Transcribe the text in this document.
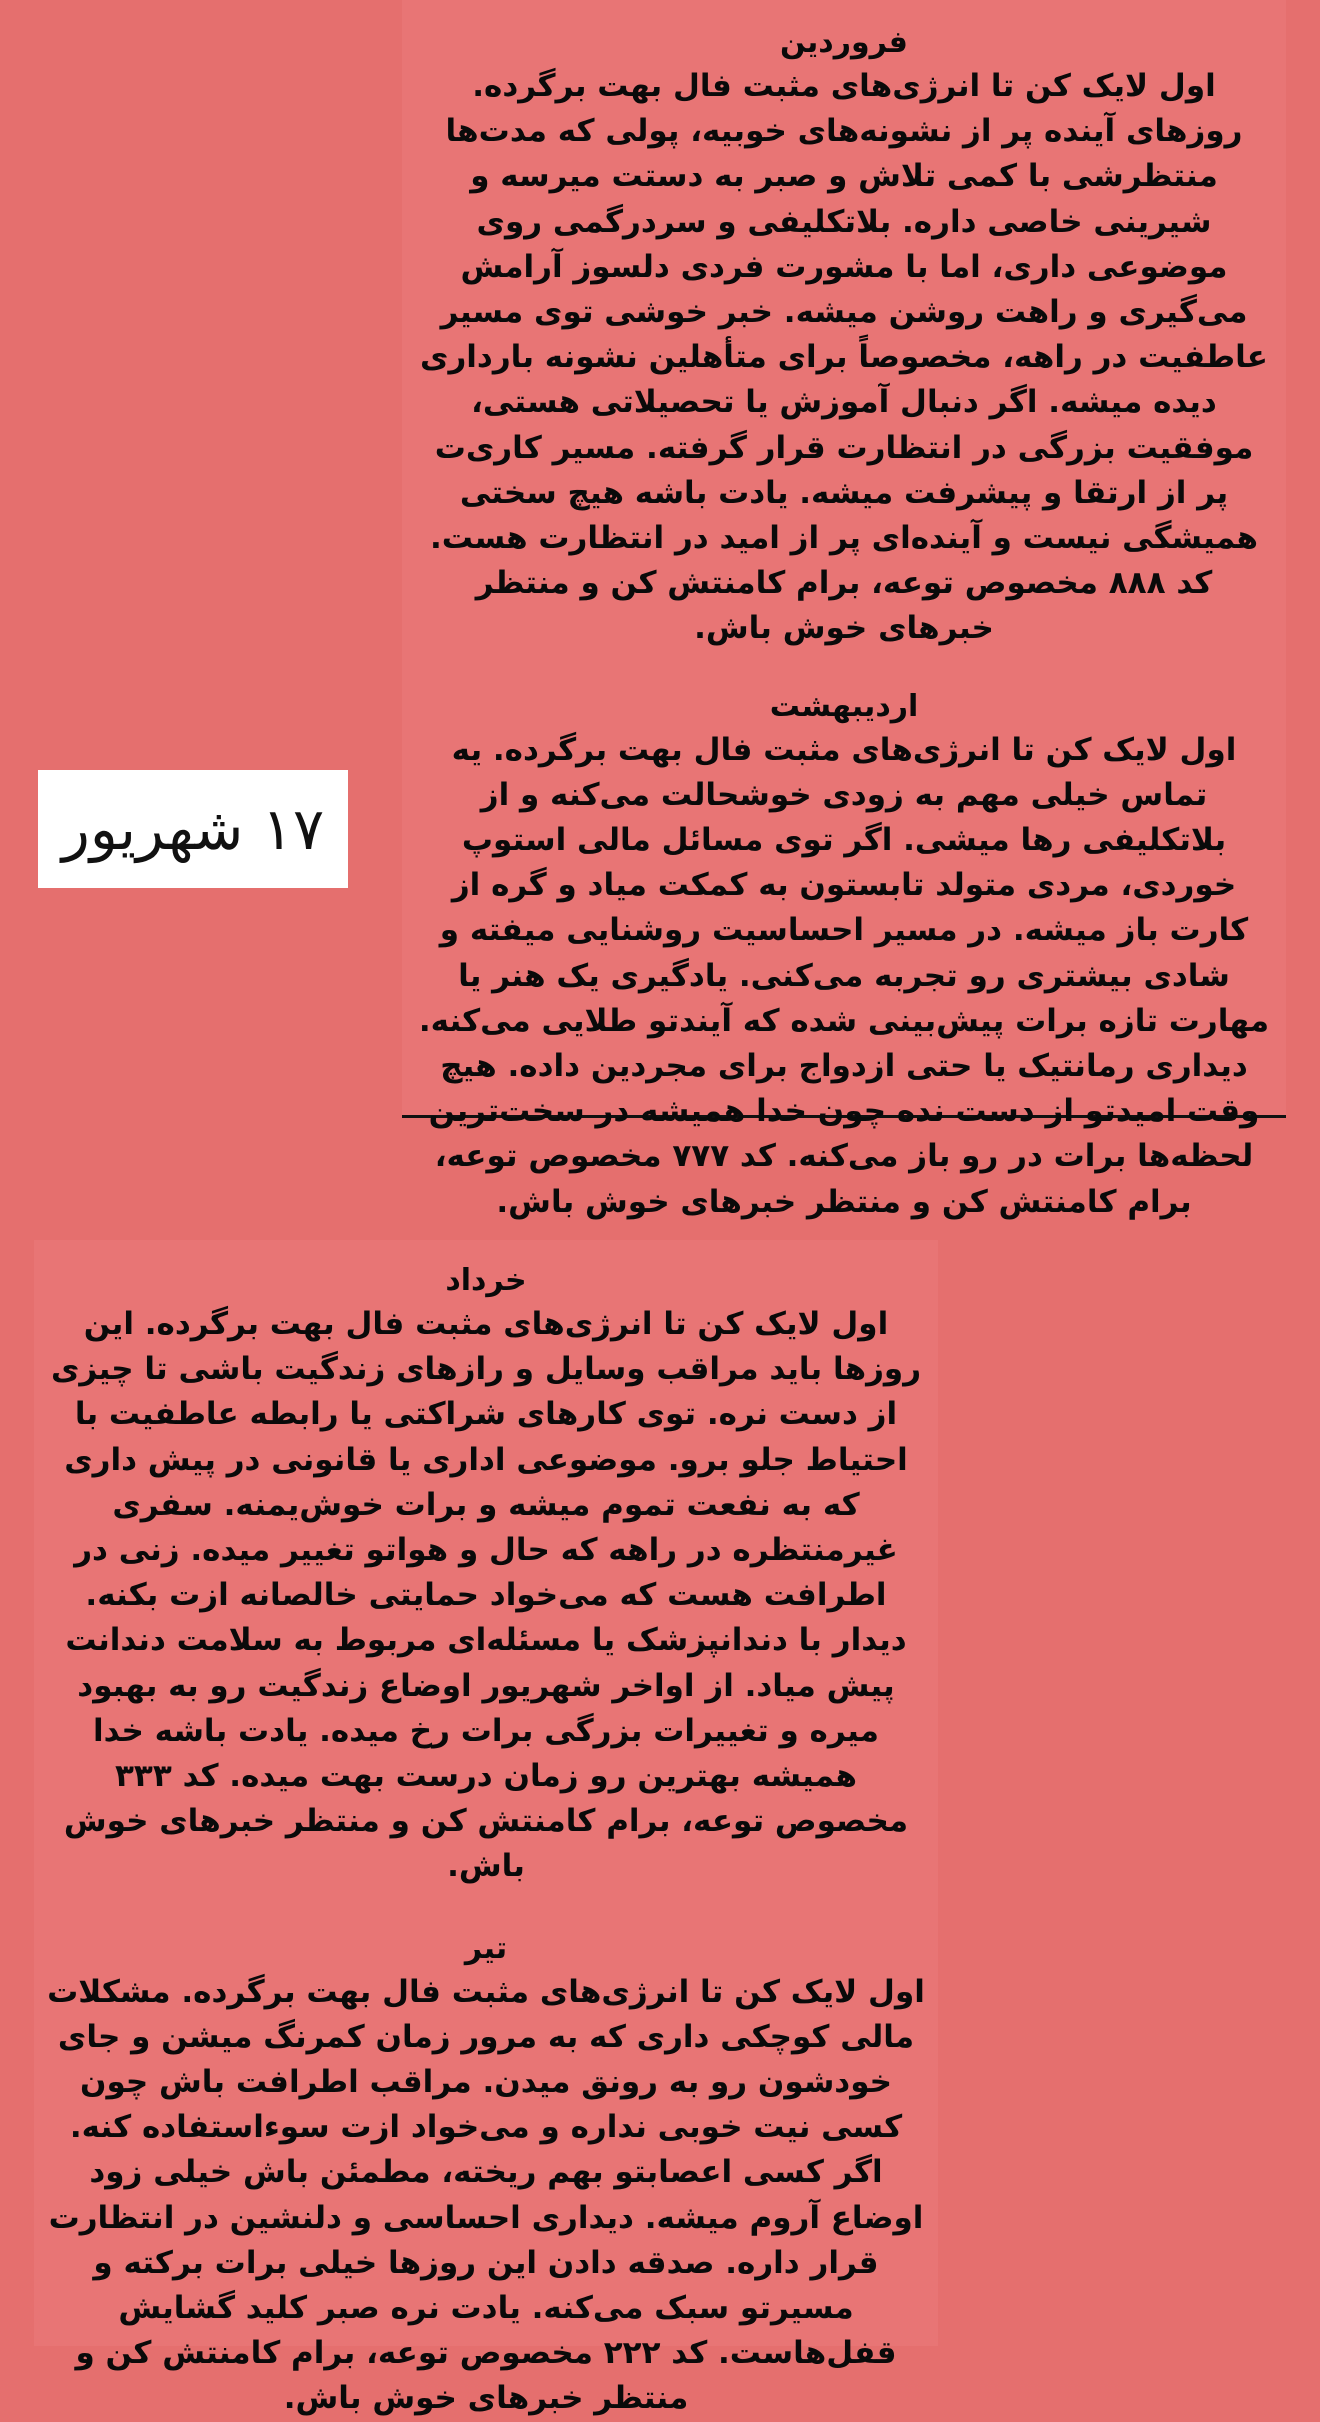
فروردین
اول لایک کن تا انرژی‌های مثبت فال بهت برگرده. روزهای آینده پر از نشونه‌های خوبیه، پولی که مدت‌ها منتظرشی با کمی تلاش و صبر به دستت میرسه و شیرینی خاصی داره. بلاتکلیفی و سردرگمی روی موضوعی داری، اما با مشورت فردی دلسوز آرامش می‌گیری و راهت روشن میشه. خبر خوشی توی مسیر عاطفیت در راهه، مخصوصاً برای متأهلین نشونه بارداری دیده میشه. اگر دنبال آموزش یا تحصیلاتی هستی، موفقیت بزرگی در انتظارت قرار گرفته. مسیر کاری‌ت پر از ارتقا و پیشرفت میشه. یادت باشه هیچ سختی همیشگی نیست و آینده‌ای پر از امید در انتظارت هست. کد ۸۸۸ مخصوص توعه، برام کامنتش کن و منتظر خبرهای خوش باش.
اردیبهشت
اول لایک کن تا انرژی‌های مثبت فال بهت برگرده. یه تماس خیلی مهم به زودی خوشحالت می‌کنه و از بلاتکلیفی رها میشی. اگر توی مسائل مالی استوپ خوردی، مردی متولد تابستون به کمکت میاد و گره از کارت باز میشه. در مسیر احساسیت روشنایی میفته و شادی بیشتری رو تجربه می‌کنی. یادگیری یک هنر یا مهارت تازه برات پیش‌بینی شده که آیندتو طلایی می‌کنه. دیداری رمانتیک یا حتی ازدواج برای مجردین داده. هیچ وقت امیدتو از دست نده چون خدا همیشه در سخت‌ترین لحظه‌ها برات در رو باز می‌کنه. کد ۷۷۷ مخصوص توعه، برام کامنتش کن و منتظر خبرهای خوش باش.
۱۷ شهریور
خرداد
اول لایک کن تا انرژی‌های مثبت فال بهت برگرده. این روزها باید مراقب وسایل و رازهای زندگیت باشی تا چیزی از دست نره. توی کارهای شراکتی یا رابطه عاطفیت با احتیاط جلو برو. موضوعی اداری یا قانونی در پیش داری که به نفعت تموم میشه و برات خوش‌یمنه. سفری غیرمنتظره در راهه که حال و هواتو تغییر میده. زنی در اطرافت هست که می‌خواد حمایتی خالصانه ازت بکنه. دیدار با دندانپزشک یا مسئله‌ای مربوط به سلامت دندانت پیش میاد. از اواخر شهریور اوضاع زندگیت رو به بهبود میره و تغییرات بزرگی برات رخ میده. یادت باشه خدا همیشه بهترین رو زمان درست بهت میده. کد ۳۳۳ مخصوص توعه، برام کامنتش کن و منتظر خبرهای خوش باش.
تیر
اول لایک کن تا انرژی‌های مثبت فال بهت برگرده. مشکلات مالی کوچکی داری که به مرور زمان کمرنگ میشن و جای خودشون رو به رونق میدن. مراقب اطرافت باش چون کسی نیت خوبی نداره و می‌خواد ازت سوءاستفاده کنه. اگر کسی اعصابتو بهم ریخته، مطمئن باش خیلی زود اوضاع آروم میشه. دیداری احساسی و دلنشین در انتظارت قرار داره. صدقه دادن این روزها خیلی برات برکته و مسیرتو سبک می‌کنه. یادت نره صبر کلید گشایش قفل‌هاست. کد ۲۲۲ مخصوص توعه، برام کامنتش کن و منتظر خبرهای خوش باش.
